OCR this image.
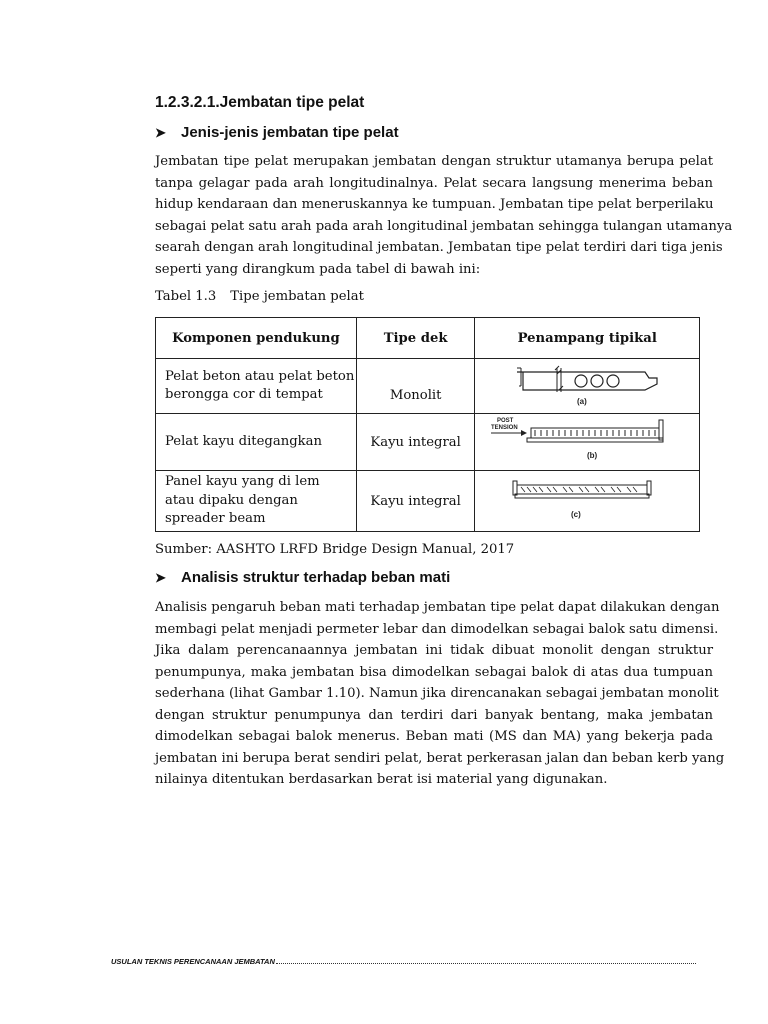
1.2.3.2.1.Jembatan tipe pelat
➤	Jenis-jenis jembatan tipe pelat
Jembatan tipe pelat merupakan jembatan dengan struktur utamanya berupa pelat
tanpa gelagar pada arah longitudinalnya. Pelat secara langsung menerima beban
hidup kendaraan dan meneruskannya ke tumpuan. Jembatan tipe pelat berperilaku
sebagai pelat satu arah pada arah longitudinal jembatan sehingga tulangan utamanya
searah dengan arah longitudinal jembatan. Jembatan tipe pelat terdiri dari tiga jenis
seperti yang dirangkum pada tabel di bawah ini:
Tabel 1.3 Tipe jembatan pelat
Komponen pendukung	Tipe dek	Penampang tipikal

Pelat beton atau pelat beton
berongga cor di tempat	Monolit	(a)

Pelat kayu ditegangkan	Kayu integral	POST
TENSION
(b)

Panel kayu yang di lem
atau dipaku dengan
spreader beam	Kayu integral	(c)
Sumber: AASHTO LRFD Bridge Design Manual, 2017
➤	Analisis struktur terhadap beban mati
Analisis pengaruh beban mati terhadap jembatan tipe pelat dapat dilakukan dengan
membagi pelat menjadi permeter lebar dan dimodelkan sebagai balok satu dimensi.
Jika dalam perencanaannya jembatan ini tidak dibuat monolit dengan struktur
penumpunya, maka jembatan bisa dimodelkan sebagai balok di atas dua tumpuan
sederhana (lihat Gambar 1.10). Namun jika direncanakan sebagai jembatan monolit
dengan struktur penumpunya dan terdiri dari banyak bentang, maka jembatan
dimodelkan sebagai balok menerus. Beban mati (MS dan MA) yang bekerja pada
jembatan ini berupa berat sendiri pelat, berat perkerasan jalan dan beban kerb yang
nilainya ditentukan berdasarkan berat isi material yang digunakan.
USULAN TEKNIS PERENCANAAN JEMBATAN
